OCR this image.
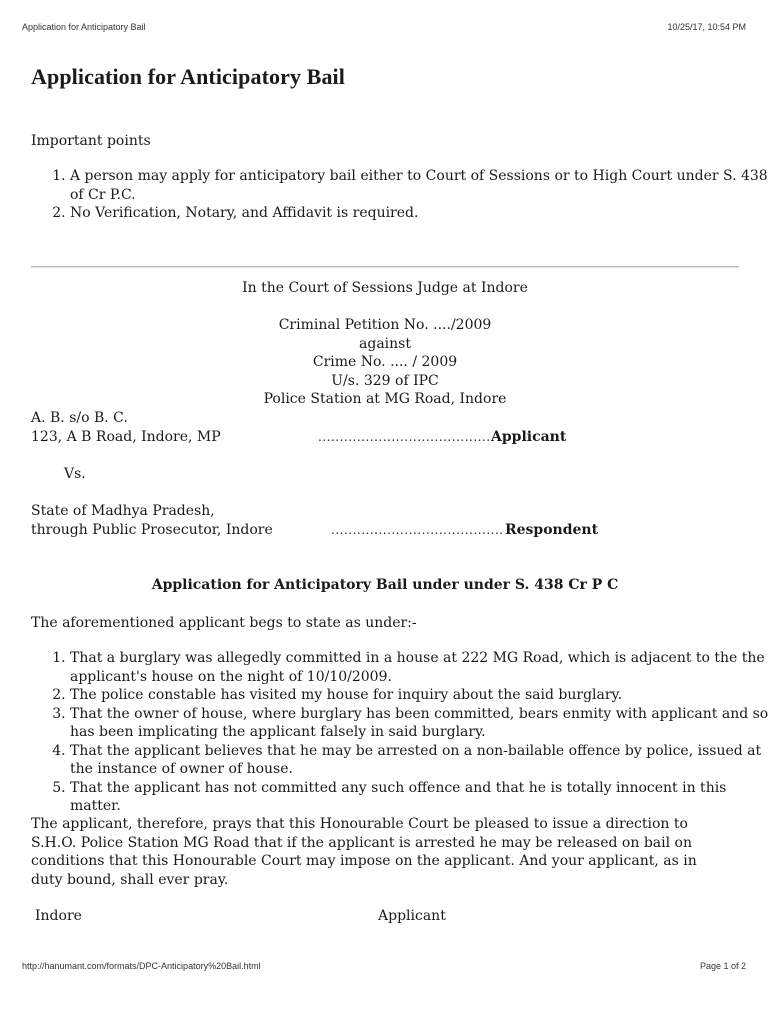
Application for Anticipatory Bail	10/25/17, 10:54 PM
Application for Anticipatory Bail
Important points
1. A person may apply for anticipatory bail either to Court of Sessions or to High Court under S. 438 of Cr P.C.
2. No Verification, Notary, and Affidavit is required.
In the Court of Sessions Judge at Indore
Criminal Petition No. ..../2009
against
Crime No. .... / 2009
U/s. 329 of IPC
Police Station at MG Road, Indore
A. B. s/o B. C.
123, A B Road, Indore, MP	........................................ Applicant
Vs.
State of Madhya Pradesh,
through Public Prosecutor, Indore	........................................ Respondent
Application for Anticipatory Bail under under S. 438 Cr P C
The aforementioned applicant begs to state as under:-
1. That a burglary was allegedly committed in a house at 222 MG Road, which is adjacent to the the applicant's house on the night of 10/10/2009.
2. The police constable has visited my house for inquiry about the said burglary.
3. That the owner of house, where burglary has been committed, bears enmity with applicant and so has been implicating the applicant falsely in said burglary.
4. That the applicant believes that he may be arrested on a non-bailable offence by police, issued at the instance of owner of house.
5. That the applicant has not committed any such offence and that he is totally innocent in this matter.
The applicant, therefore, prays that this Honourable Court be pleased to issue a direction to S.H.O. Police Station MG Road that if the applicant is arrested he may be released on bail on conditions that this Honourable Court may impose on the applicant. And your applicant, as in duty bound, shall ever pray.
Indore	Applicant
http://hanumant.com/formats/DPC-Anticipatory%20Bail.html	Page 1 of 2
